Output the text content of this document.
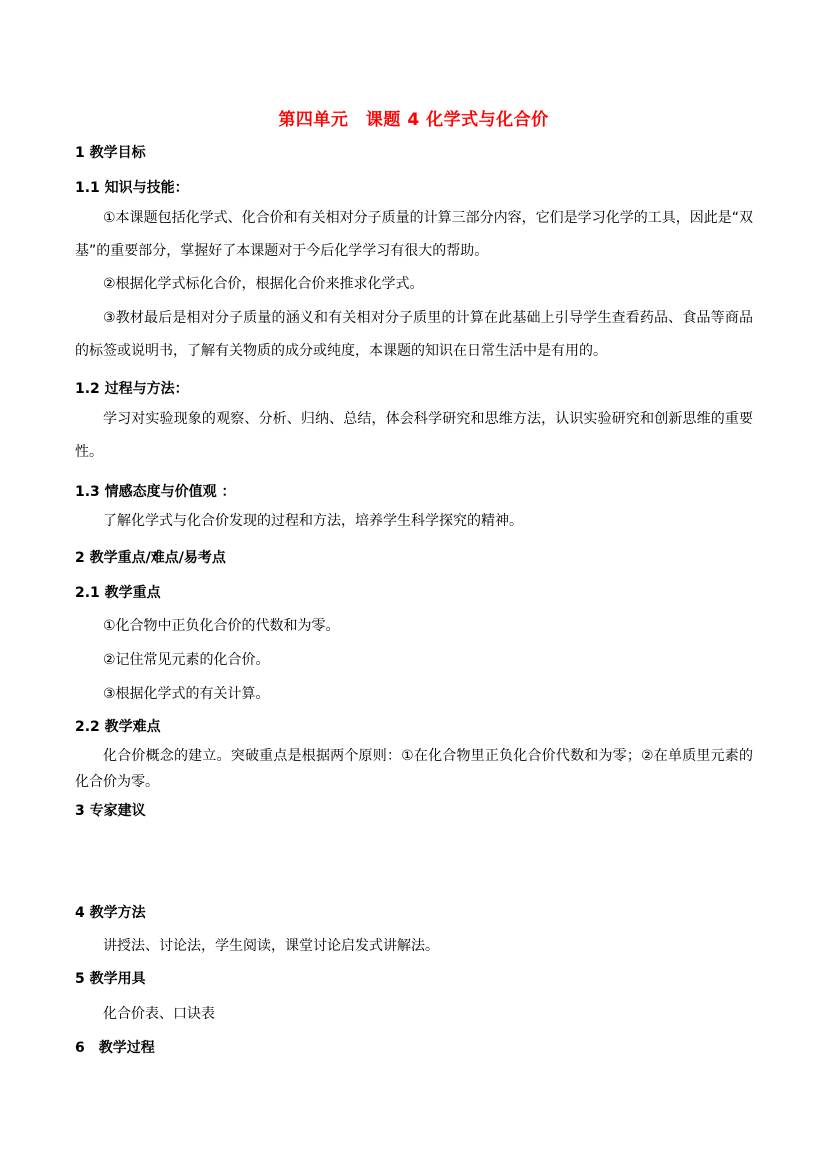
第四单元　课题 4 化学式与化合价
1 教学目标
1.1 知识与技能：
①本课题包括化学式、化合价和有关相对分子质量的计算三部分内容，它们是学习化学的工具，因此是“双基”的重要部分，掌握好了本课题对于今后化学学习有很大的帮助。
②根据化学式标化合价，根据化合价来推求化学式。
③教材最后是相对分子质量的涵义和有关相对分子质里的计算在此基础上引导学生查看药品、食品等商品的标签或说明书，了解有关物质的成分或纯度，本课题的知识在日常生活中是有用的。
1.2 过程与方法：
学习对实验现象的观察、分析、归纳、总结，体会科学研究和思维方法，认识实验研究和创新思维的重要性。
1.3 情感态度与价值观 ：
了解化学式与化合价发现的过程和方法，培养学生科学探究的精神。
2 教学重点/难点/易考点
2.1 教学重点
①化合物中正负化合价的代数和为零。
②记住常见元素的化合价。
③根据化学式的有关计算。
2.2 教学难点
化合价概念的建立。突破重点是根据两个原则：①在化合物里正负化合价代数和为零；②在单质里元素的化合价为零。
3 专家建议
4 教学方法
讲授法、讨论法，学生阅读，课堂讨论启发式讲解法。
5 教学用具
化合价表、口诀表
6　教学过程
